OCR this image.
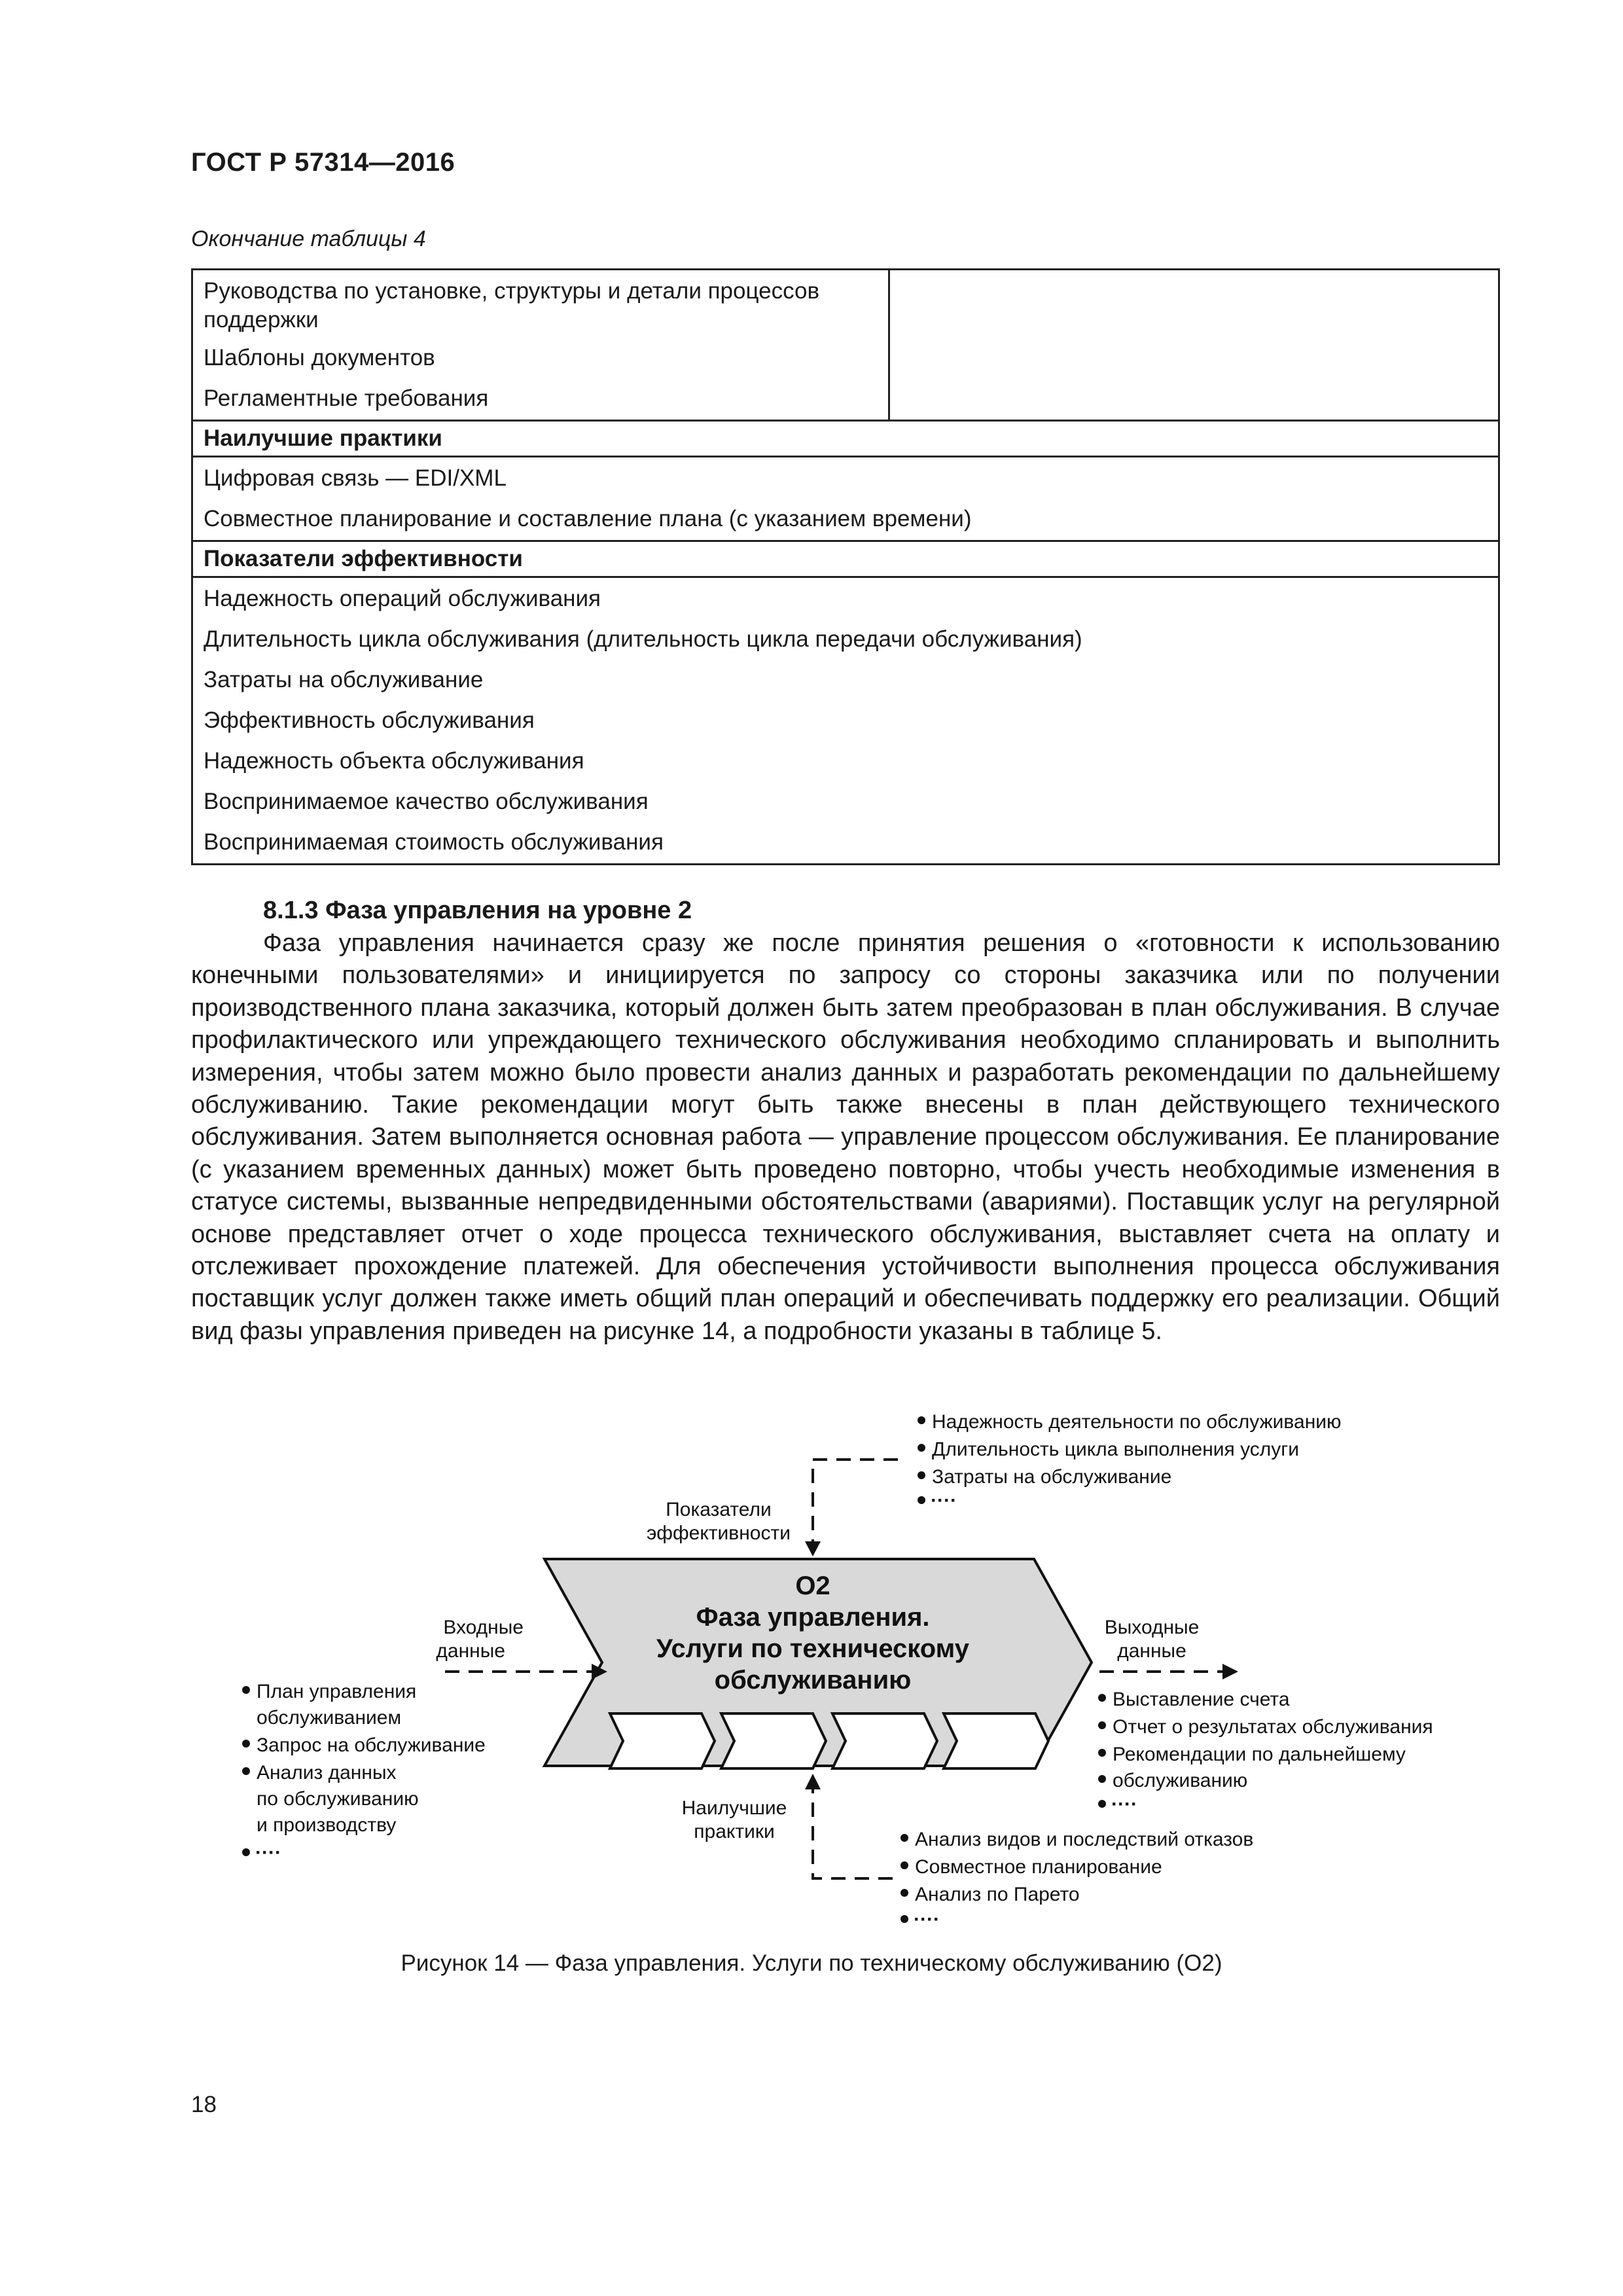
ГОСТ Р 57314—2016
Окончание таблицы 4
Руководства по установке, структуры и детали процессов поддержки
Шаблоны документов
Регламентные требования

Наилучшие практики

Цифровая связь — EDI/XML
Совместное планирование и составление плана (с указанием времени)

Показатели эффективности

Надежность операций обслуживания
Длительность цикла обслуживания (длительность цикла передачи обслуживания)
Затраты на обслуживание
Эффективность обслуживания
Надежность объекта обслуживания
Воспринимаемое качество обслуживания
Воспринимаемая стоимость обслуживания
8.1.3 Фаза управления на уровне 2

Фаза управления начинается сразу же после принятия решения о «готовности к использованию конечными пользователями» и инициируется по запросу со стороны заказчика или по получении производственного плана заказчика, который должен быть затем преобразован в план обслуживания. В случае профилактического или упреждающего технического обслуживания необходимо спланировать и выполнить измерения, чтобы затем можно было провести анализ данных и разработать рекомендации по дальнейшему обслуживанию. Такие рекомендации могут быть также внесены в план действующего технического обслуживания. Затем выполняется основная работа — управление процессом обслуживания. Ее планирование (с указанием временных данных) может быть проведено повторно, чтобы учесть необходимые изменения в статусе системы, вызванные непредвиденными обстоятельствами (авариями). Поставщик услуг на регулярной основе представляет отчет о ходе процесса технического обслуживания, выставляет счета на оплату и отслеживает прохождение платежей. Для обеспечения устойчивости выполнения процесса обслуживания поставщик услуг должен также иметь общий план операций и обеспечивать поддержку его реализации. Общий вид фазы управления приведен на рисунке 14, а подробности указаны в таблице 5.

Надежность деятельности по обслуживанию
Длительность цикла выполнения услуги
Затраты на обслуживание
····
Показатели
эффективности
О2
Фаза управления.
Услуги по техническому
обслуживанию
Входные
данные
План управления
обслуживанием
Запрос на обслуживание
Анализ данных
по обслуживанию
и производству
····
Выходные
данные
Выставление счета
Отчет о результатах обслуживания
Рекомендации по дальнейшему
обслуживанию
····
Наилучшие
практики	Анализ видов и последствий отказов
Совместное планирование
Анализ по Парето
····
Рисунок 14 — Фаза управления. Услуги по техническому обслуживанию (О2)
18
